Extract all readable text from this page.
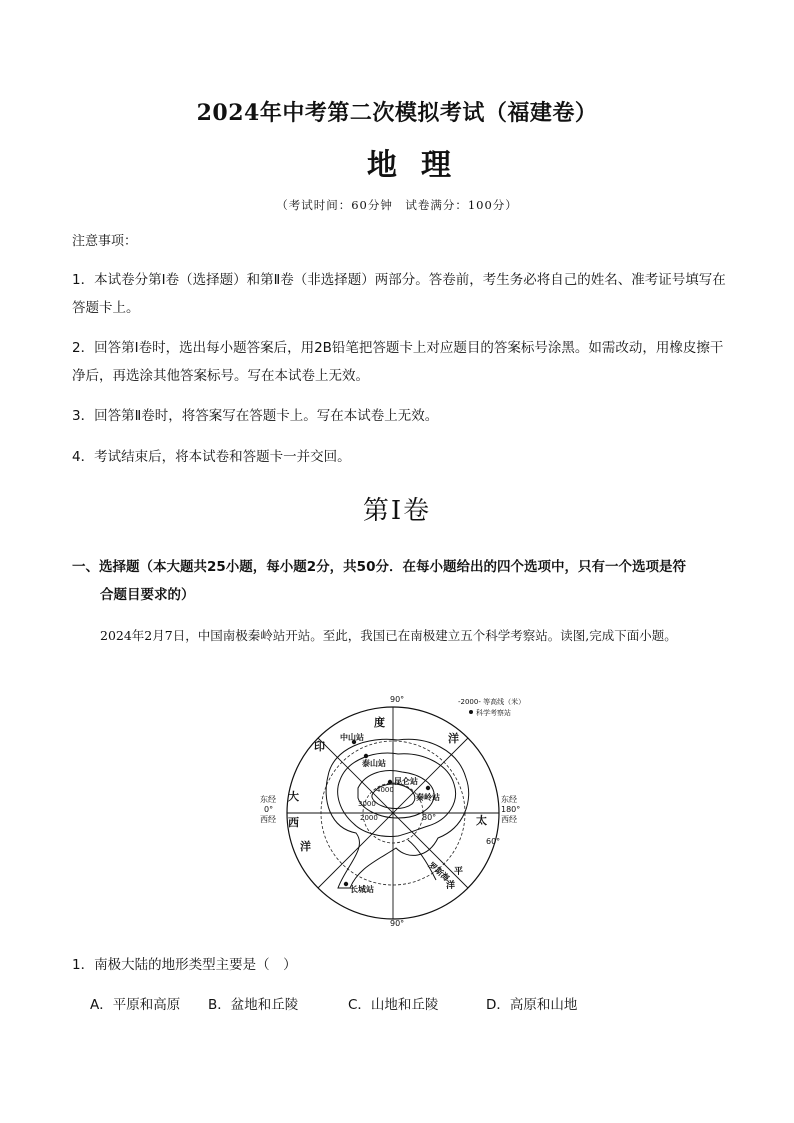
2024年中考第二次模拟考试（福建卷）
地理
（考试时间：60分钟　试卷满分：100分）
注意事项：
1．本试卷分第Ⅰ卷（选择题）和第Ⅱ卷（非选择题）两部分。答卷前，考生务必将自己的姓名、准考证号填写在答题卡上。
2．回答第Ⅰ卷时，选出每小题答案后，用2B铅笔把答题卡上对应题目的答案标号涂黑。如需改动，用橡皮擦干净后，再选涂其他答案标号。写在本试卷上无效。
3．回答第Ⅱ卷时，将答案写在答题卡上。写在本试卷上无效。
4．考试结束后，将本试卷和答题卡一并交回。
第Ⅰ卷
一、选择题（本大题共25小题，每小题2分，共50分．在每小题给出的四个选项中，只有一个选项是符
合题目要求的）
2024年2月7日，中国南极秦岭站开站。至此，我国已在南极建立五个科学考察站。读图,完成下面小题。
90°
90°
东经
0°
西经
东经
180°
西经
60°
80°
-2000- 等高线（米）
科学考察站
印
度
洋
大
西
洋
太
平
洋
罗斯海
中山站
泰山站
昆仑站
秦岭站
长城站
4000
3000
2000
1．南极大陆的地形类型主要是（　）
A．平原和高原 B．盆地和丘陵	C．山地和丘陵	D．高原和山地
